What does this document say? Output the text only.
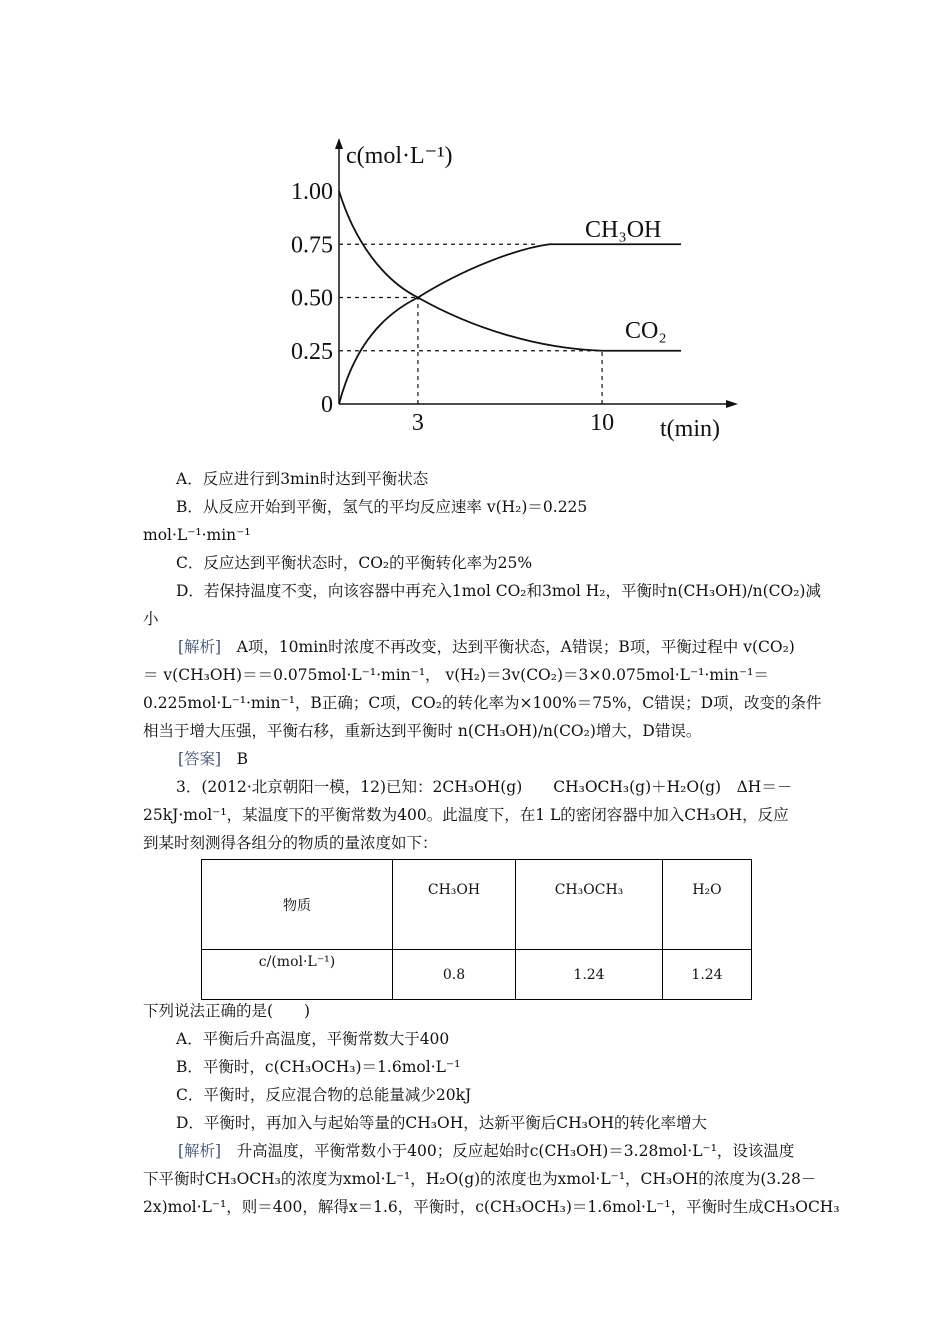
0
0.25
0.50
0.75
1.00
3	10
c(mol·L⁻¹)
t(min)
CH₃OH
CO₂
A．反应进行到3min时达到平衡状态
B．从反应开始到平衡，氢气的平均反应速率 v(H₂)＝0.225
mol·L⁻¹·min⁻¹
C．反应达到平衡状态时，CO₂的平衡转化率为25%
D．若保持温度不变，向该容器中再充入1mol CO₂和3mol H₂，平衡时n(CH₃OH)/n(CO₂)减
小
[解析]　 A项，10min时浓度不再改变，达到平衡状态，A错误；B项，平衡过程中 v(CO₂)
＝ v(CH₃OH)＝＝0.075mol·L⁻¹·min⁻¹， v(H₂)＝3v(CO₂)＝3×0.075mol·L⁻¹·min⁻¹＝
0.225mol·L⁻¹·min⁻¹，B正确；C项，CO₂的转化率为×100%＝75%，C错误；D项，改变的条件
相当于增大压强，平衡右移，重新达到平衡时 n(CH₃OH)/n(CO₂)增大，D错误。
[答案]　 B
3．(2012·北京朝阳一模，12)已知：2CH₃OH(g)　　CH₃OCH₃(g)＋H₂O(g)　ΔH＝－
25kJ·mol⁻¹，某温度下的平衡常数为400。此温度下，在1 L的密闭容器中加入CH₃OH，反应
到某时刻测得各组分的物质的量浓度如下：
物质	CH₃OH	CH₃OCH₃	H₂O
c/(mol·L⁻¹)	0.8	1.24	1.24
下列说法正确的是(　　)
A．平衡后升高温度，平衡常数大于400
B．平衡时，c(CH₃OCH₃)＝1.6mol·L⁻¹
C．平衡时，反应混合物的总能量减少20kJ
D．平衡时，再加入与起始等量的CH₃OH，达新平衡后CH₃OH的转化率增大
[解析]　 升高温度，平衡常数小于400；反应起始时c(CH₃OH)＝3.28mol·L⁻¹，设该温度
下平衡时CH₃OCH₃的浓度为xmol·L⁻¹，H₂O(g)的浓度也为xmol·L⁻¹，CH₃OH的浓度为(3.28－
2x)mol·L⁻¹，则＝400，解得x＝1.6，平衡时，c(CH₃OCH₃)＝1.6mol·L⁻¹，平衡时生成CH₃OCH₃
